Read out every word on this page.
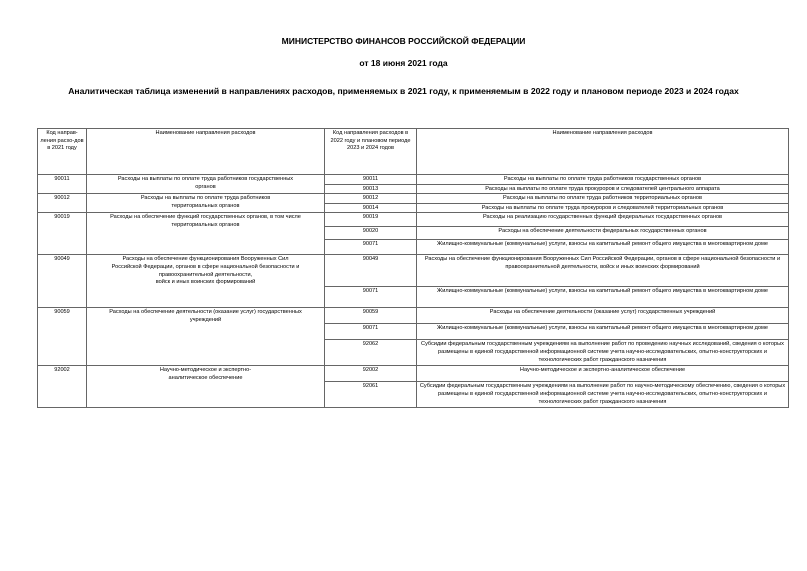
МИНИСТЕРСТВО ФИНАНСОВ РОССИЙСКОЙ ФЕДЕРАЦИИ
от 18 июня 2021 года
Аналитическая таблица изменений в направлениях расходов, применяемых в 2021 году, к применяемым в 2022 году и плановом периоде 2023 и 2024 годах
Код направ-ления расхо-дов в 2021 году	Наименование направления расходов	Код направления расходов в 2022 году и плановом периоде 2023 и 2024 годов	Наименование направления расходов
90011	Расходы на выплаты по оплате труда работников государственных
органов	90011	Расходы на выплаты по оплате труда работников государственных органов
		90013	Расходы на выплаты по оплате труда прокуроров и следователей центрального аппарата
90012	Расходы на выплаты по оплате труда работников
территориальных органов	90012	Расходы на выплаты по оплате труда работников территориальных органов
		90014	Расходы на выплаты по оплате труда прокуроров и следователей территориальных органов
90019	Расходы на обеспечение функций государственных органов, в том числе
территориальных органов	90019	Расходы на реализацию государственных функций федеральных государственных органов
		90020	Расходы на обеспечение деятельности федеральных государственных органов
		90071	Жилищно-коммунальные (коммунальные) услуги, взносы на капитальный ремонт общего имущества в многоквартирном доме
90049	Расходы на обеспечение функционирования Вооруженных Сил
Российской Федерации, органов в сфере национальной безопасности и
правоохранительной деятельности,
войск и иных воинских формирований	90049	Расходы на обеспечение функционирования Вооруженных Сил Российской Федерации, органов в сфере национальной безопасности и правоохранительной деятельности, войск и иных воинских формирований
		90071	Жилищно-коммунальные (коммунальные) услуги, взносы на капитальный ремонт общего имущества в многоквартирном доме
90059	Расходы на обеспечение деятельности (оказание услуг) государственных
учреждений	90059	Расходы на обеспечение деятельности (оказание услуг) государственных учреждений
		90071	Жилищно-коммунальные (коммунальные) услуги, взносы на капитальный ремонт общего имущества в многоквартирном доме
		92062	Субсидии федеральным государственным учреждениям на выполнение работ по проведению научных исследований, сведения о которых размещены в единой государственной информационной системе учета научно-исследовательских, опытно-конструкторских и технологических работ гражданского назначения
92002	Научно-методическое и экспертно-
аналитическое обеспечение	92002	Научно-методическое и экспертно-аналитическое обеспечение
		92061	Субсидии федеральным государственным учреждениям на выполнение работ по научно-методическому обеспечению, сведения о которых размещены в единой государственной информационной системе учета научно-исследовательских, опытно-конструкторских и технологических работ гражданского назначения
